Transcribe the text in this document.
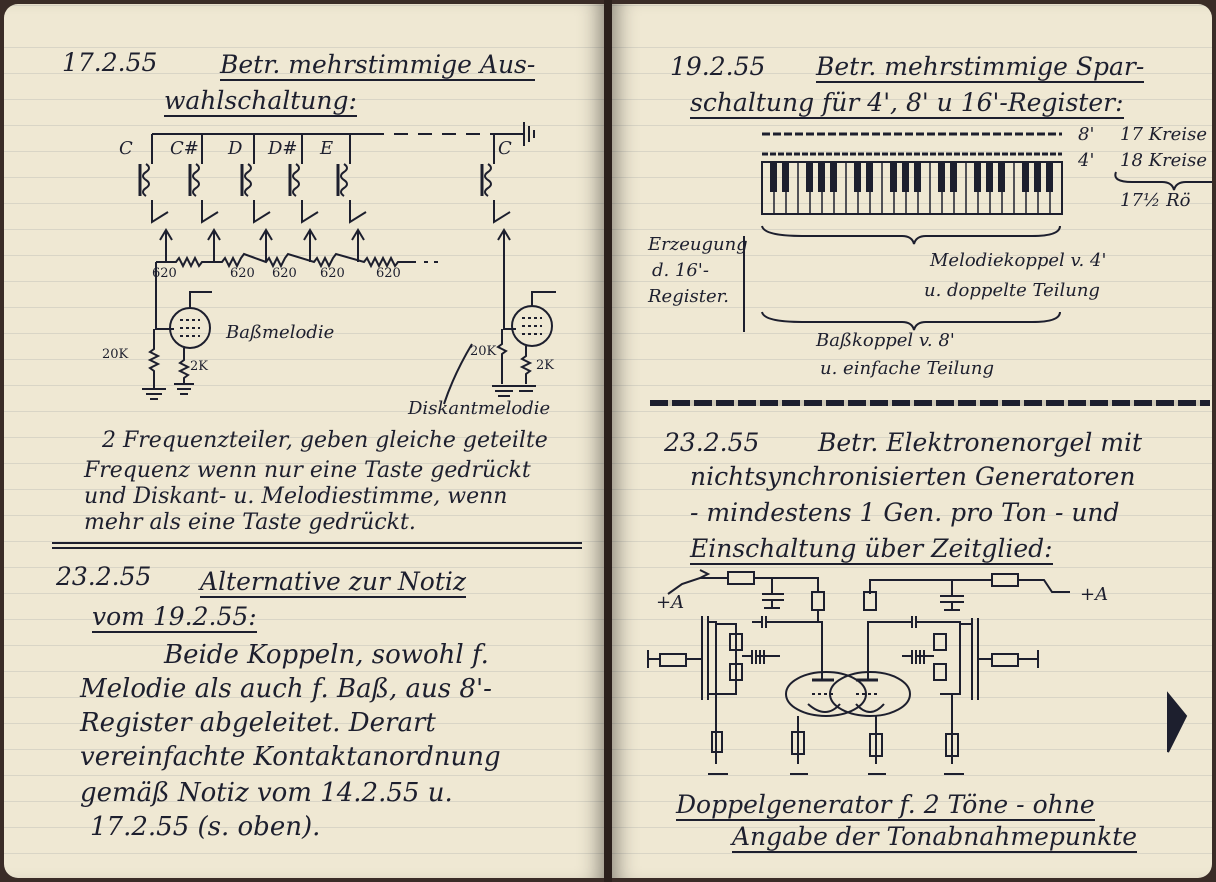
17.2.55	Betr. mehrstimmige Aus-

wahlschaltung:

C C# D D# E	C
620	620 620 620 620
Baßmelodie
20K
2K
20K
2K
Diskantmelodie

2 Frequenzteiler, geben gleiche geteilte

Frequenz wenn nur eine Taste gedrückt

und Diskant- u. Melodiestimme, wenn

mehr als eine Taste gedrückt.

23.2.55 Alternative zur Notiz

vom 19.2.55:

Beide Koppeln, sowohl f.

Melodie als auch f. Baß, aus 8'-

Register abgeleitet. Derart

vereinfachte Kontaktanordnung

gemäß Notiz vom 14.2.55 u.

17.2.55 (s. oben).

19.2.55 Betr. mehrstimmige Spar-

schaltung für 4', 8' u 16'-Register:

8'
4'
17 Kreise
18 Kreise
17½ Rö
Erzeugung
d. 16'-
Register.
Melodiekoppel v. 4'
u. doppelte Teilung
Baßkoppel v. 8'
u. einfache Teilung

23.2.55 Betr. Elektronenorgel mit

nichtsynchronisierten Generatoren

- mindestens 1 Gen. pro Ton - und

Einschaltung über Zeitglied:

+A	+A

Doppelgenerator f. 2 Töne - ohne

Angabe der Tonabnahmepunkte
